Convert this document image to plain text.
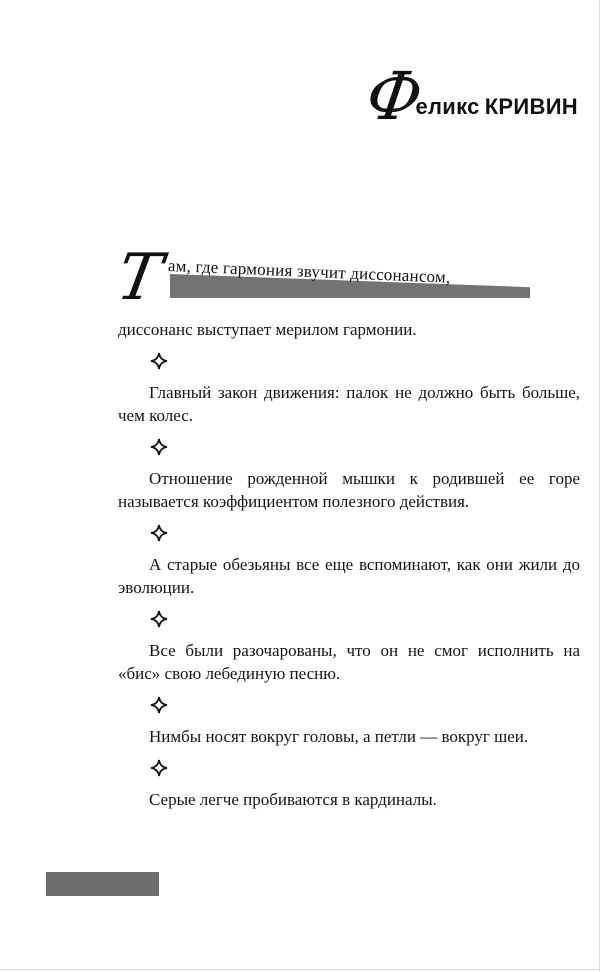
Ф
еликс КРИВИН
Т ам, где гармония звучит диссонансом,

диссонанс выступает мерилом гармонии.

Главный закон движения: палок не должно быть больше, чем колес.

Отношение рожденной мышки к родившей ее горе называется коэффициентом полезного действия.

А старые обезьяны все еще вспоминают, как они жили до эволюции.

Все были разочарованы, что он не смог исполнить на «бис» свою лебединую песню.

Нимбы носят вокруг головы, а петли — вокруг шеи.

Серые легче пробиваются в кардиналы.
